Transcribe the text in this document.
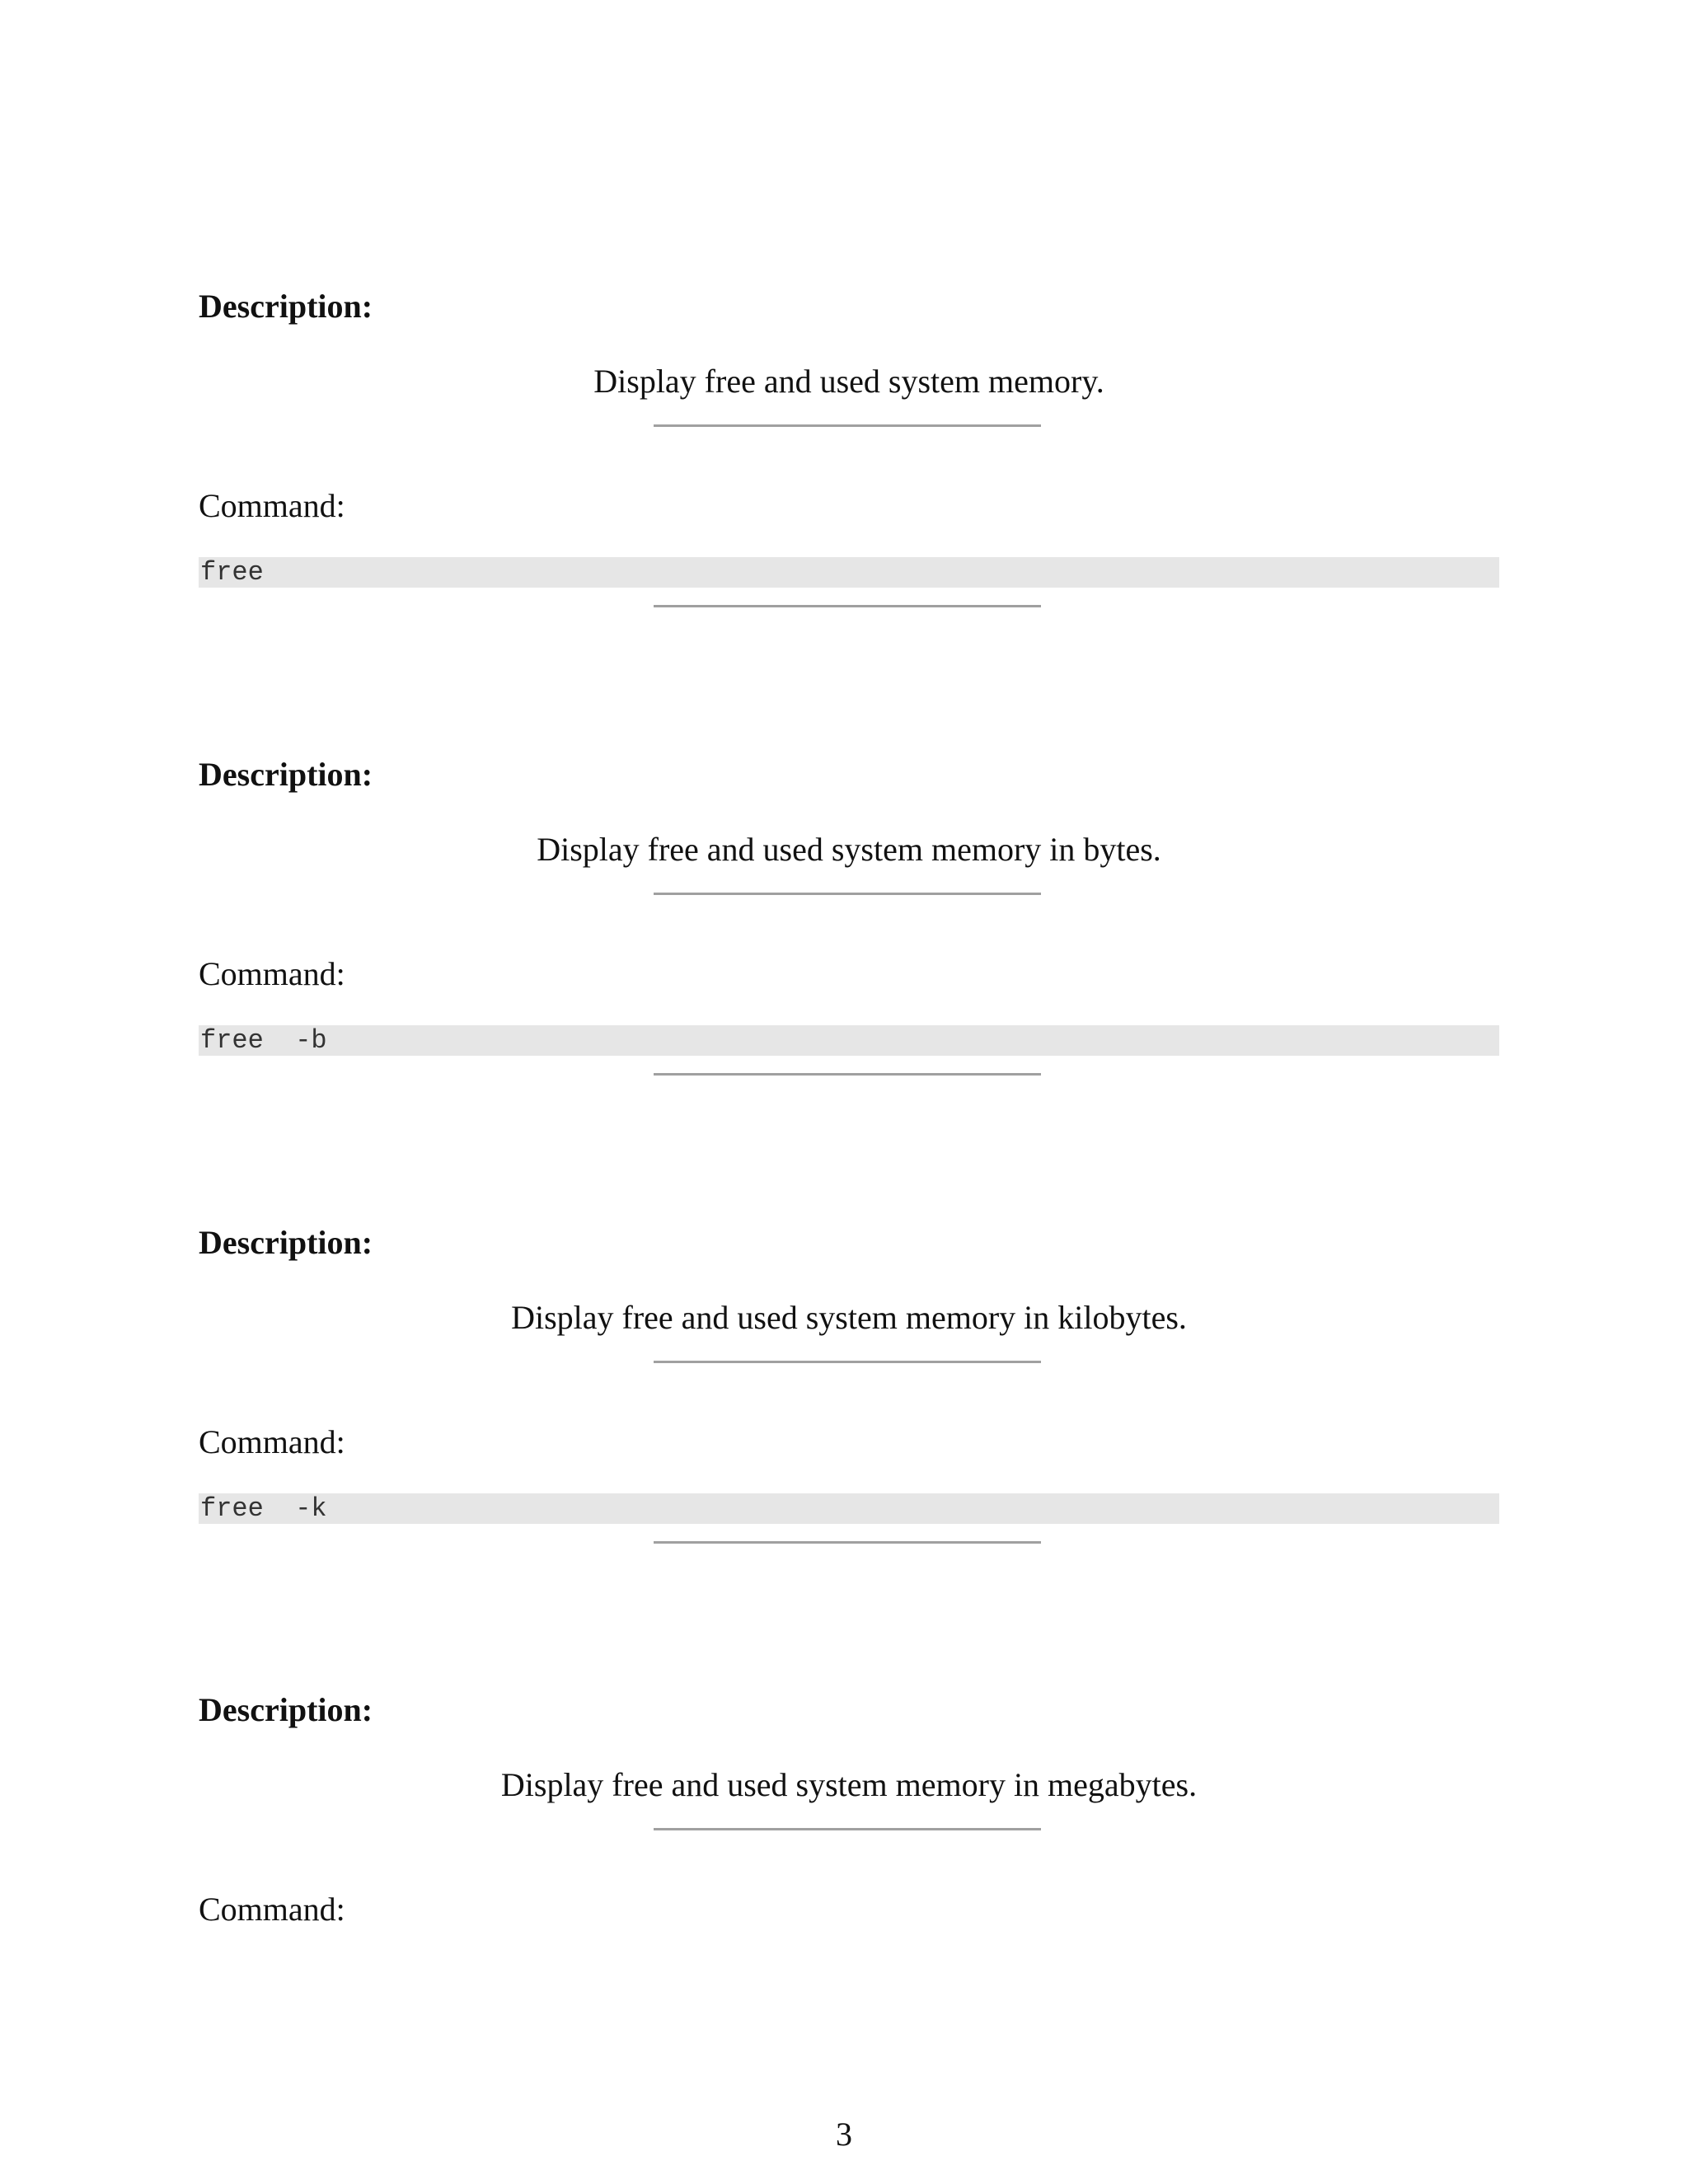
Description:
Display free and used system memory.
Command:
free
Description:
Display free and used system memory in bytes.
Command:
free  -b
Description:
Display free and used system memory in kilobytes.
Command:
free  -k
Description:
Display free and used system memory in megabytes.
Command:
3
